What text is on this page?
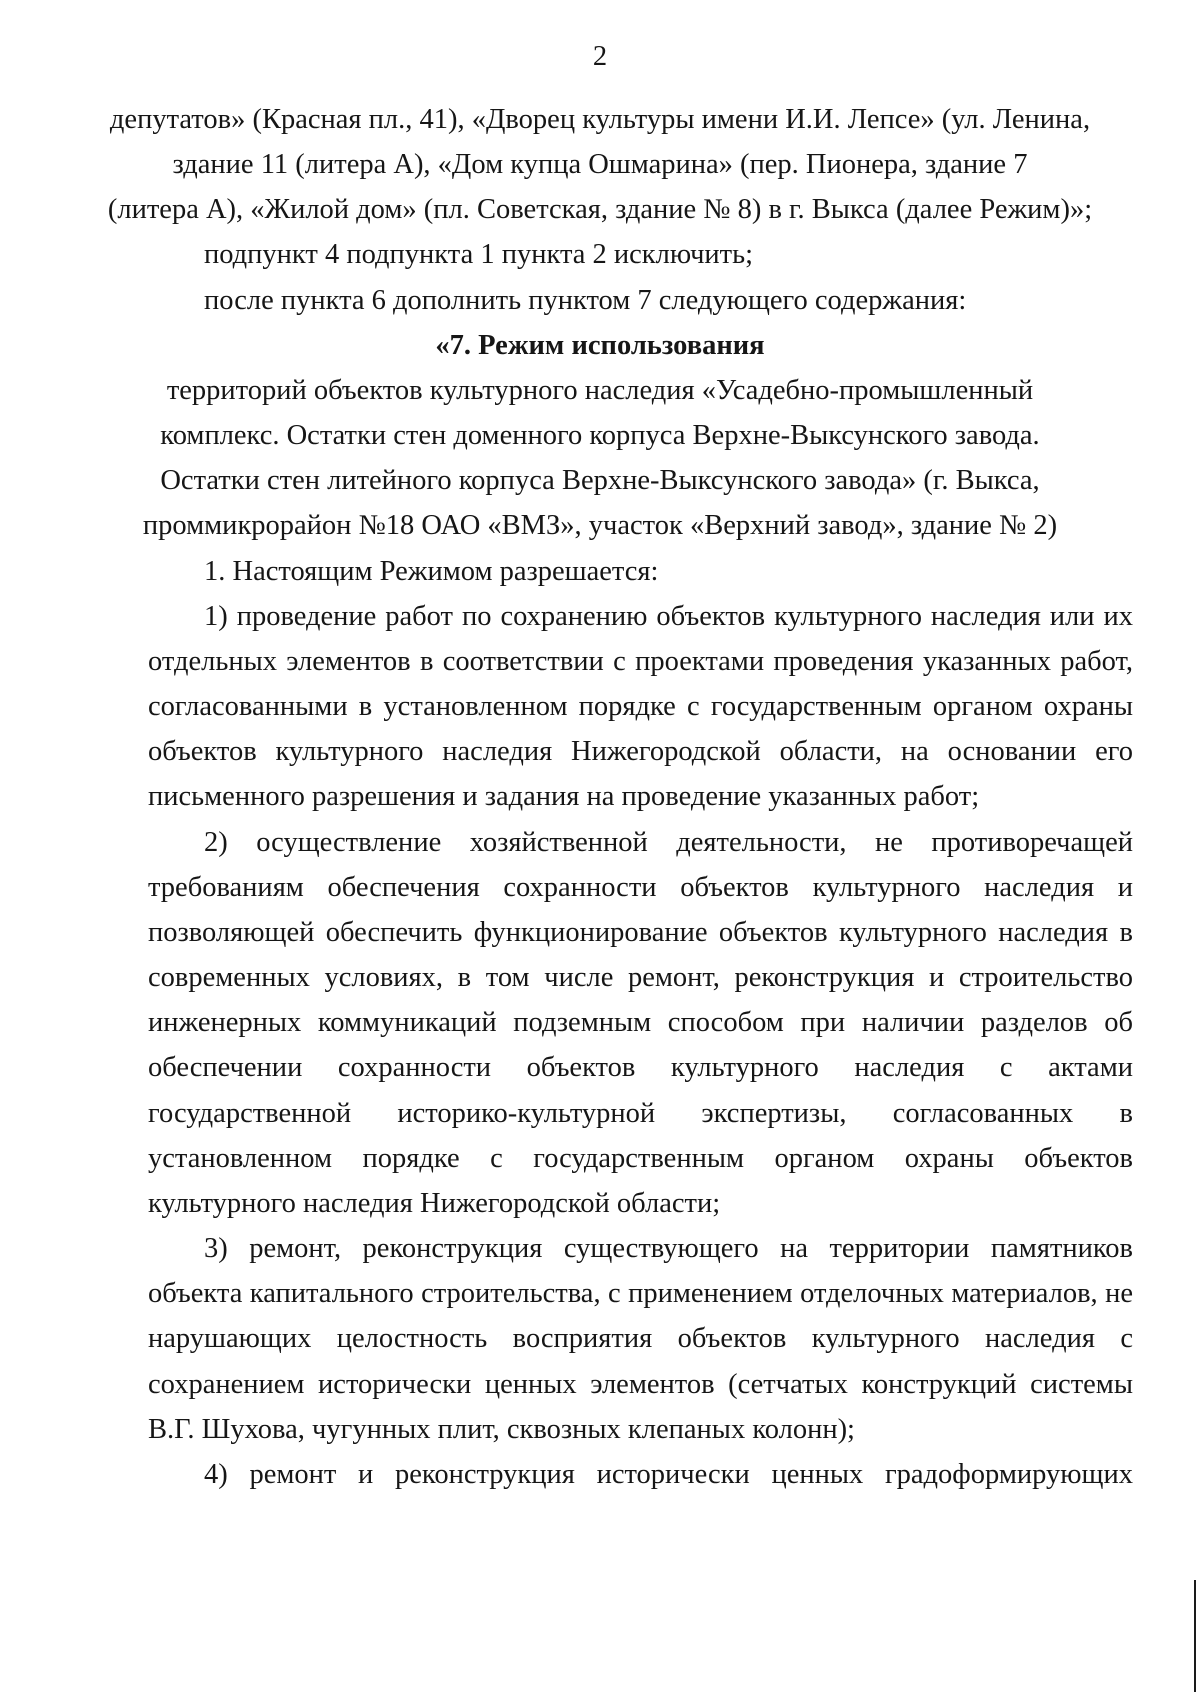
2
депутатов» (Красная пл., 41), «Дворец культуры имени И.И. Лепсе» (ул. Ленина,
здание 11 (литера А), «Дом купца Ошмарина» (пер. Пионера, здание 7
(литера А), «Жилой дом» (пл. Советская, здание № 8) в г. Выкса (далее Режим)»;
подпункт 4 подпункта 1 пункта 2 исключить;
после пункта 6 дополнить пунктом 7 следующего содержания:
«7. Режим использования
территорий объектов культурного наследия «Усадебно-промышленный
комплекс. Остатки стен доменного корпуса Верхне-Выксунского завода.
Остатки стен литейного корпуса Верхне-Выксунского завода» (г. Выкса,
проммикрорайон №18 ОАО «ВМЗ», участок «Верхний завод», здание № 2)
1. Настоящим Режимом разрешается:
1) проведение работ по сохранению объектов культурного наследия или их
отдельных элементов в соответствии с проектами проведения указанных работ,
согласованными в установленном порядке с государственным органом охраны
объектов культурного наследия Нижегородской области, на основании его
письменного разрешения и задания на проведение указанных работ;
2) осуществление хозяйственной деятельности, не противоречащей
требованиям обеспечения сохранности объектов культурного наследия и
позволяющей обеспечить функционирование объектов культурного наследия в
современных условиях, в том числе ремонт, реконструкция и строительство
инженерных коммуникаций подземным способом при наличии разделов об
обеспечении сохранности объектов культурного наследия с актами
государственной историко-культурной экспертизы, согласованных в
установленном порядке с государственным органом охраны объектов
культурного наследия Нижегородской области;
3) ремонт, реконструкция существующего на территории памятников
объекта капитального строительства, с применением отделочных материалов, не
нарушающих целостность восприятия объектов культурного наследия с
сохранением исторически ценных элементов (сетчатых конструкций системы
В.Г. Шухова, чугунных плит, сквозных клепаных колонн);
4) ремонт и реконструкция исторически ценных градоформирующих
